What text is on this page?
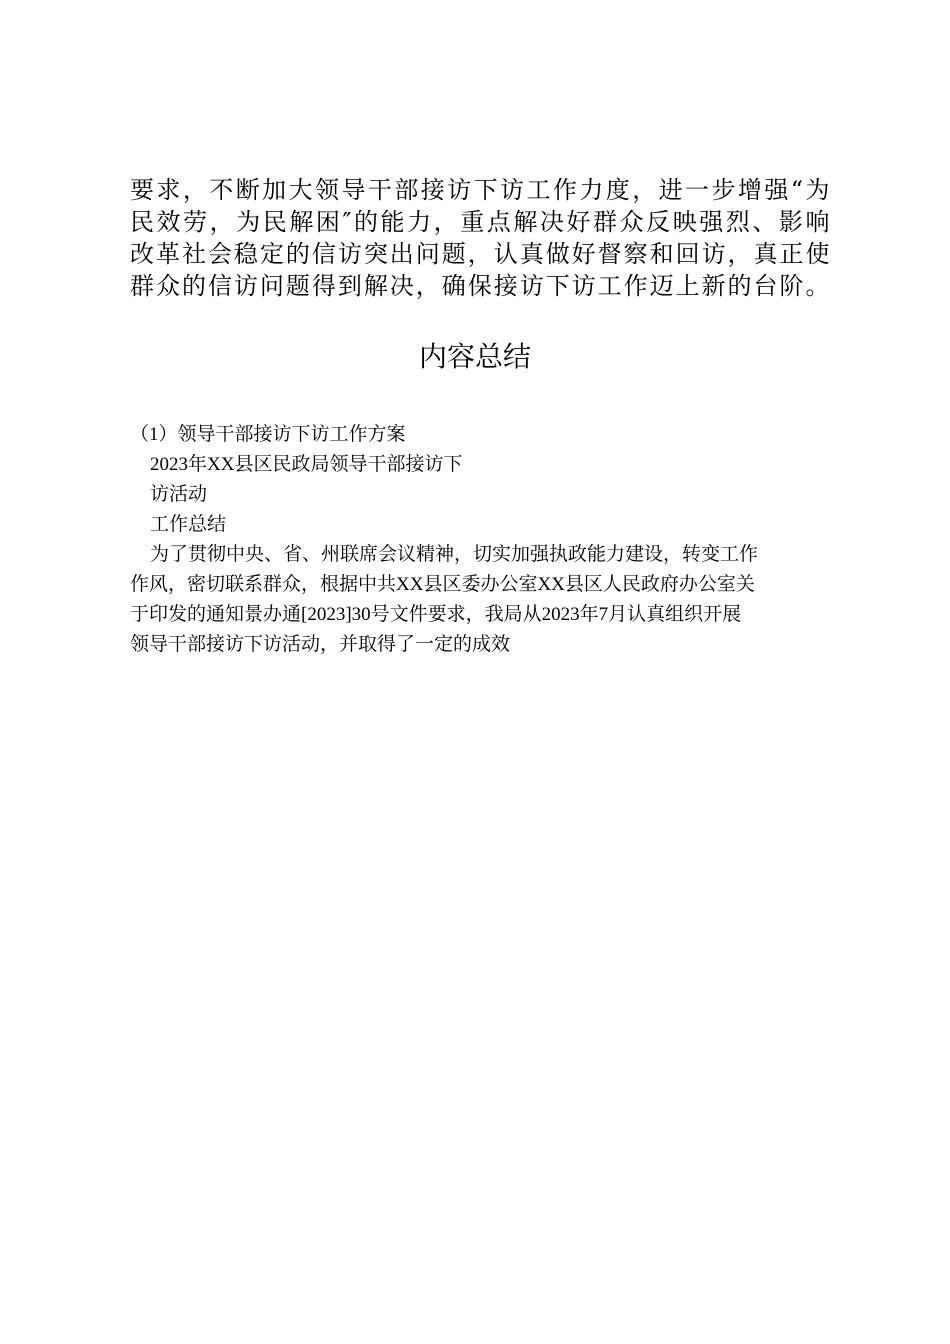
要求，不断加大领导干部接访下访工作力度，进一步增强“为
民效劳，为民解困″的能力，重点解决好群众反映强烈、影响
改革社会稳定的信访突出问题，认真做好督察和回访，真正使
群众的信访问题得到解决，确保接访下访工作迈上新的台阶。
内容总结
（1）领导干部接访下访工作方案
2023年XX县区民政局领导干部接访下
访活动
工作总结
为了贯彻中央、省、州联席会议精神，切实加强执政能力建设，转变工作
作风，密切联系群众，根据中共XX县区委办公室XX县区人民政府办公室关
于印发的通知景办通[2023]30号文件要求，我局从2023年7月认真组织开展
领导干部接访下访活动，并取得了一定的成效
